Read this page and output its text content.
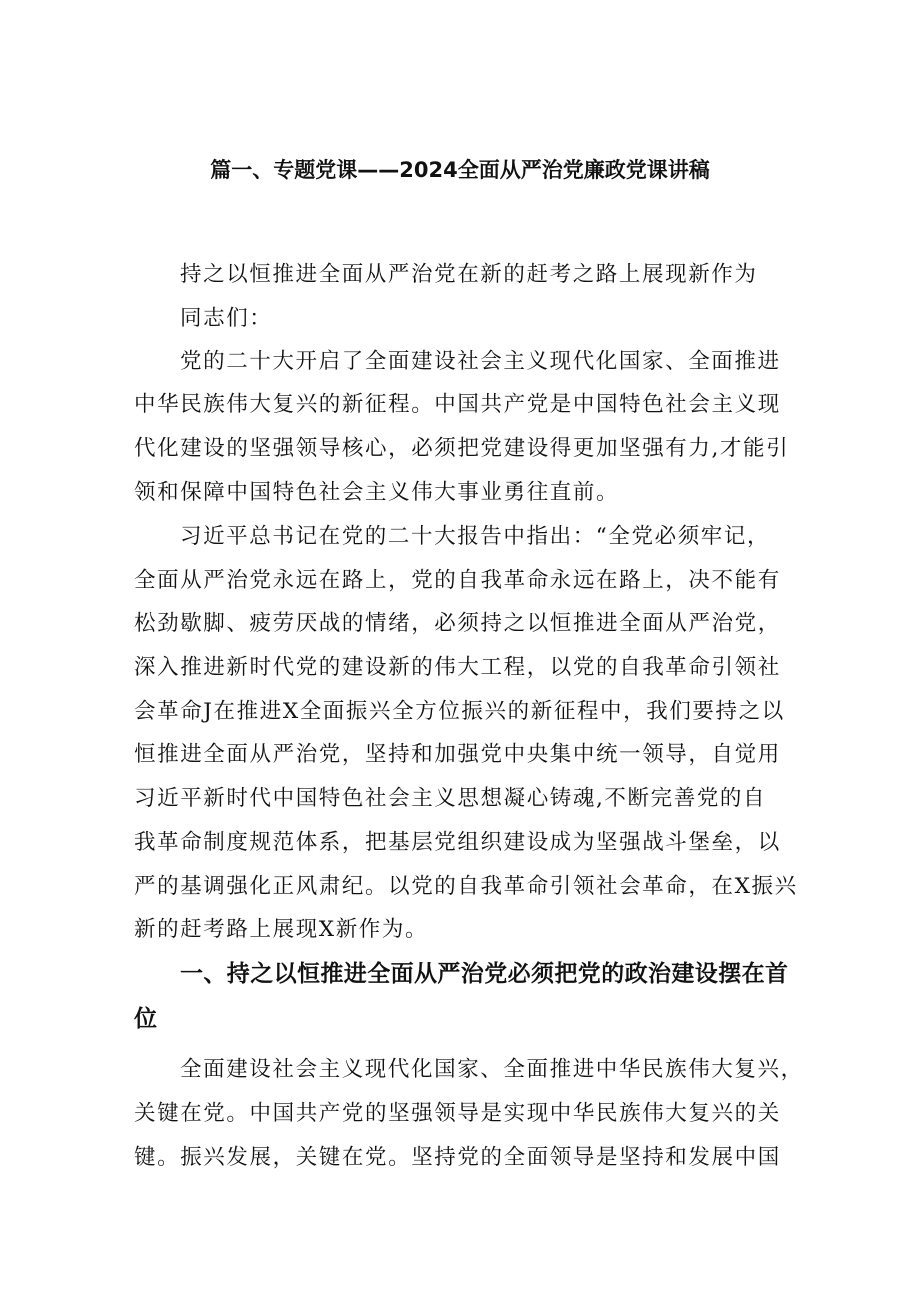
篇一、专题党课——2024全面从严治党廉政党课讲稿

持之以恒推进全面从严治党在新的赶考之路上展现新作为

同志们：

党的二十大开启了全面建设社会主义现代化国家、全面推进

中华民族伟大复兴的新征程。中国共产党是中国特色社会主义现

代化建设的坚强领导核心，必须把党建设得更加坚强有力,才能引

领和保障中国特色社会主义伟大事业勇往直前。

习近平总书记在党的二十大报告中指出：“全党必须牢记，

全面从严治党永远在路上，党的自我革命永远在路上，决不能有

松劲歇脚、疲劳厌战的情绪，必须持之以恒推进全面从严治党，

深入推进新时代党的建设新的伟大工程，以党的自我革命引领社

会革命J在推进X全面振兴全方位振兴的新征程中，我们要持之以

恒推进全面从严治党，坚持和加强党中央集中统一领导，自觉用

习近平新时代中国特色社会主义思想凝心铸魂,不断完善党的自

我革命制度规范体系，把基层党组织建设成为坚强战斗堡垒，以

严的基调强化正风肃纪。以党的自我革命引领社会革命，在X振兴

新的赶考路上展现X新作为。

一、持之以恒推进全面从严治党必须把党的政治建设摆在首
位

全面建设社会主义现代化国家、全面推进中华民族伟大复兴，

关键在党。中国共产党的坚强领导是实现中华民族伟大复兴的关

键。振兴发展，关键在党。坚持党的全面领导是坚持和发展中国
